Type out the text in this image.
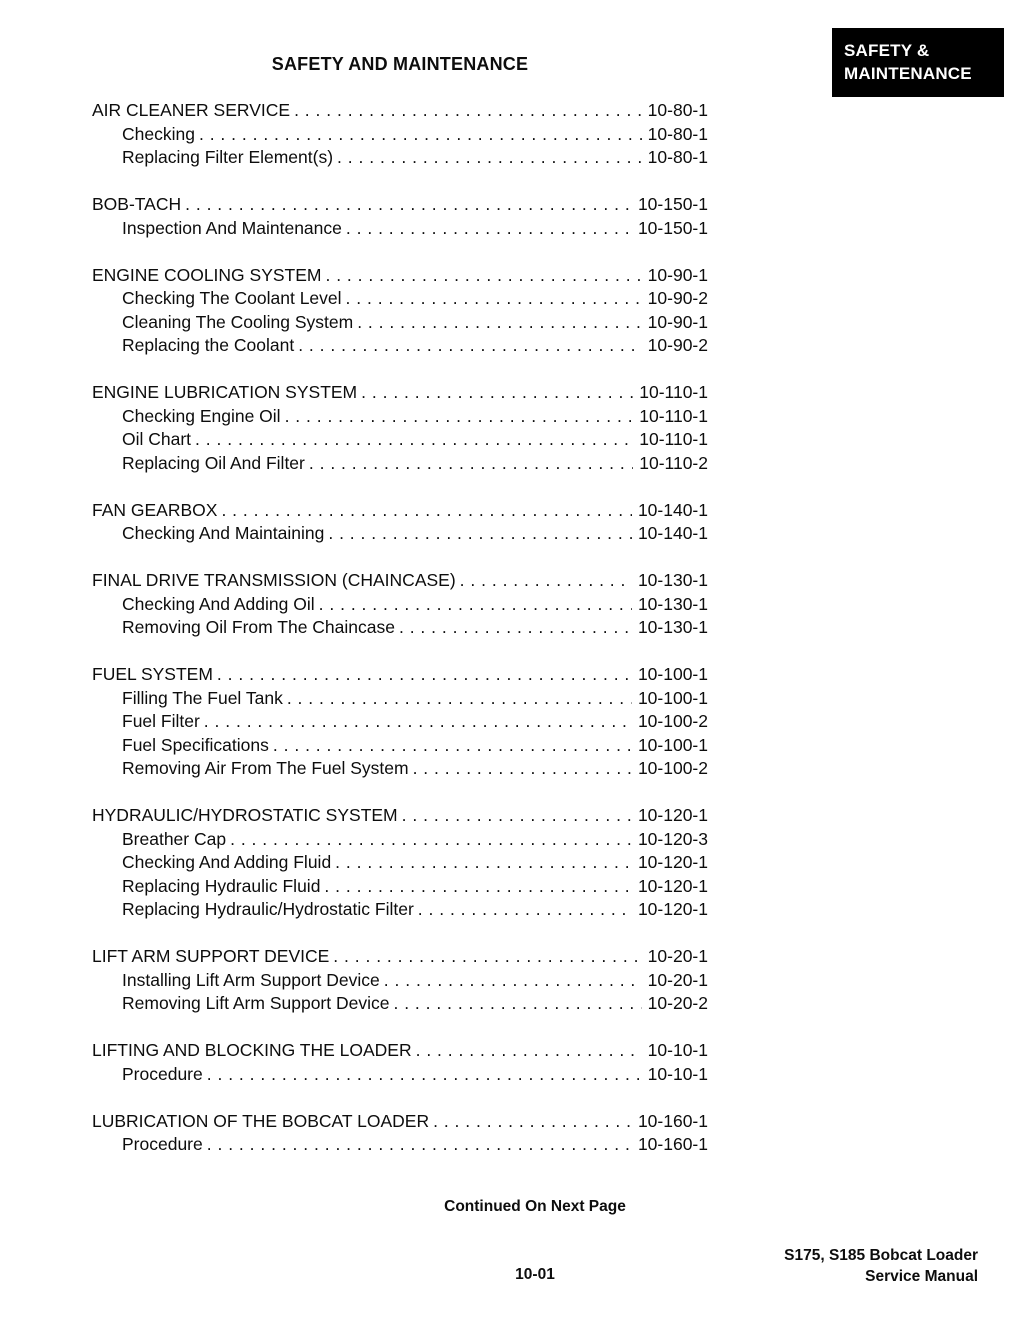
SAFETY &
MAINTENANCE
SAFETY AND MAINTENANCE
AIR CLEANER SERVICE . . .	10-80-1
Checking . . .	10-80-1
Replacing Filter Element(s) . . .	10-80-1
BOB-TACH . . .	10-150-1
Inspection And Maintenance . . .	10-150-1
ENGINE COOLING SYSTEM . . .	10-90-1
Checking The Coolant Level . . .	10-90-2
Cleaning The Cooling System . . .	10-90-1
Replacing the Coolant . . .	10-90-2
ENGINE LUBRICATION SYSTEM . . .	10-110-1
Checking Engine Oil . . .	10-110-1
Oil Chart . . .	10-110-1
Replacing Oil And Filter . . .	10-110-2
FAN GEARBOX . . .	10-140-1
Checking And Maintaining . . .	10-140-1
FINAL DRIVE TRANSMISSION (CHAINCASE) . . .	10-130-1
Checking And Adding Oil . . .	10-130-1
Removing Oil From The Chaincase . . .	10-130-1
FUEL SYSTEM . . .	10-100-1
Filling The Fuel Tank . . .	10-100-1
Fuel Filter . . .	10-100-2
Fuel Specifications . . .	10-100-1
Removing Air From The Fuel System . . .	10-100-2
HYDRAULIC/HYDROSTATIC SYSTEM . . .	10-120-1
Breather Cap . . .	10-120-3
Checking And Adding Fluid . . .	10-120-1
Replacing Hydraulic Fluid . . .	10-120-1
Replacing Hydraulic/Hydrostatic Filter . . .	10-120-1
LIFT ARM SUPPORT DEVICE . . .	10-20-1
Installing Lift Arm Support Device . . .	10-20-1
Removing Lift Arm Support Device . . .	10-20-2
LIFTING AND BLOCKING THE LOADER . . .	10-10-1
Procedure . . .	10-10-1
LUBRICATION OF THE BOBCAT LOADER . . .	10-160-1
Procedure . . .	10-160-1
Continued On Next Page
10-01
S175, S185 Bobcat Loader
Service Manual
